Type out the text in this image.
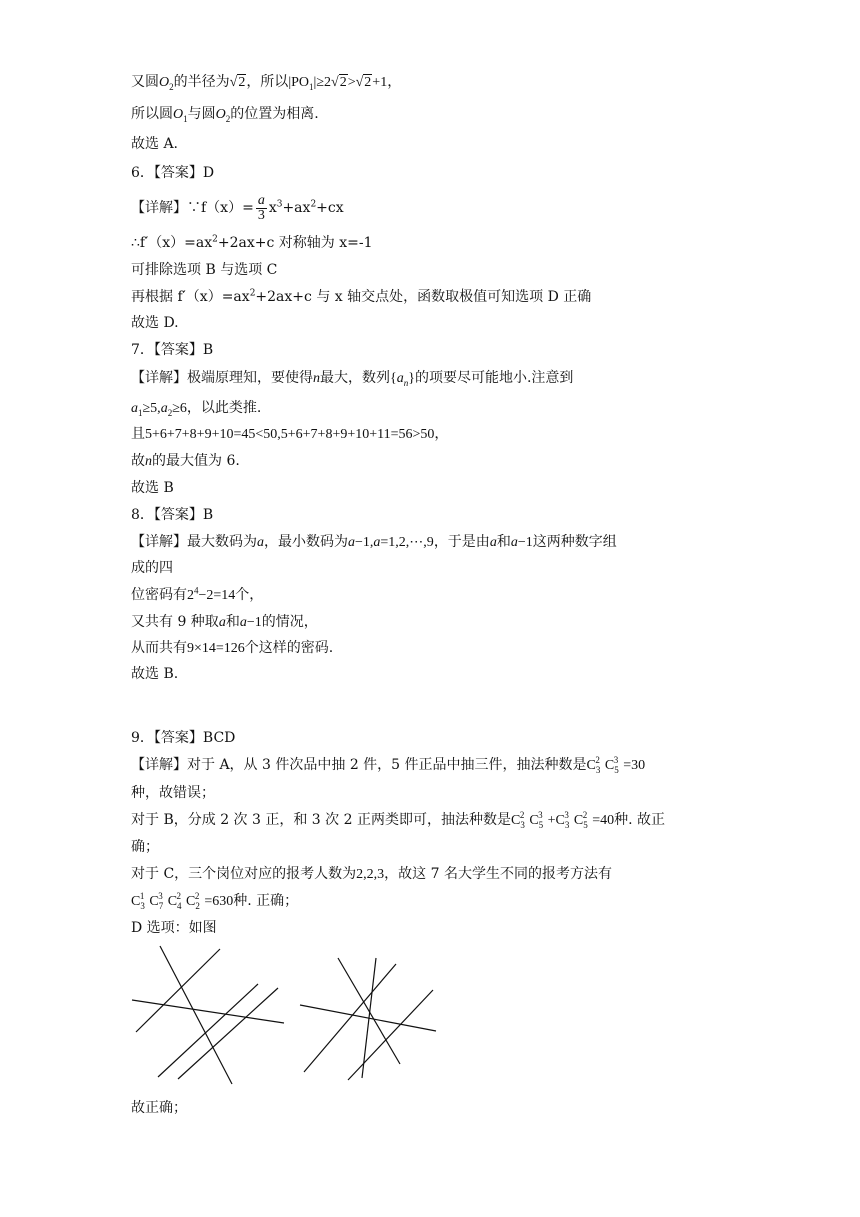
又圆$O_2$的半径为√2，所以$|PO_1|\ge 2√2>√2+1$，
所以圆$O_1$与圆$O_2$的位置为相离.
故选 A.
6．【答案】D
【详解】∵f（x）= $\frac{a}{3} x^3+ax^2+cx$
$\therefore f'(x)=ax^2+2ax+c$ 对称轴为 x=-1
可排除选项 B 与选项 C
再根据 $f'(x)=ax^2+2ax+c$ 与 x 轴交点处，函数取极值可知选项 D 正确
故选 D.
7．【答案】B
【详解】极端原理知，要使得n最大，数列$\{a_n\}$的项要尽可能地小.注意到
$a_1\ge 5,a_2\ge 6$，以此类推.
且5+6+7+8+9+10=45<50,5+6+7+8+9+10+11=56>50，
故n的最大值为 6.
故选 B
8．【答案】B
【详解】最大数码为a，最小数码为a−1,a=1,2,⋯,9，于是由a和a−1这两种数字组
成的四
位密码有$2^4-2=14$个，
又共有 9 种取a和a−1的情况，
从而共有9×14=126个这样的密码.
故选 B.
9．【答案】BCD
【详解】对于 A，从 3 件次品中抽 2 件，5 件正品中抽三件，抽法种数是$C_3^2$ $C_5^3 =30$
种，故错误；
对于 B，分成 2 次 3 正，和 3 次 2 正两类即可，抽法种数是$C_3^2$ $C_5^3 +C_3^3$ $C_5^2 =40$种. 故正
确；
对于 C，三个岗位对应的报考人数为2,2,3，故这 7 名大学生不同的报考方法有
$C_3^1$ $C_7^3$ $C_4^2$ $C_2^2 =630$种. 正确；
D 选项：如图
故正确；
